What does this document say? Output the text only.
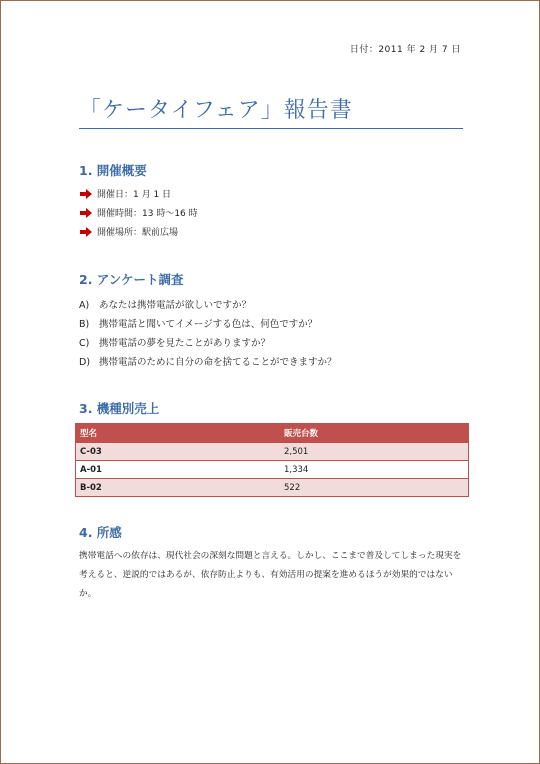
日付：2011 年 2 月 7 日
「ケータイフェア」報告書
1. 開催概要
開催日：1 月 1 日
開催時間：13 時～16 時
開催場所：駅前広場
2. アンケート調査
A) あなたは携帯電話が欲しいですか？
B) 携帯電話と聞いてイメージする色は、何色ですか？
C) 携帯電話の夢を見たことがありますか？
D) 携帯電話のために自分の命を捨てることができますか？
3. 機種別売上
型名	販売台数
C-03	2,501
A-01	1,334
B-02	522
4. 所感
携帯電話への依存は、現代社会の深刻な問題と言える。しかし、ここまで普及してしまった現実を考えると、逆説的ではあるが、依存防止よりも、有効活用の提案を進めるほうが効果的ではないか。
